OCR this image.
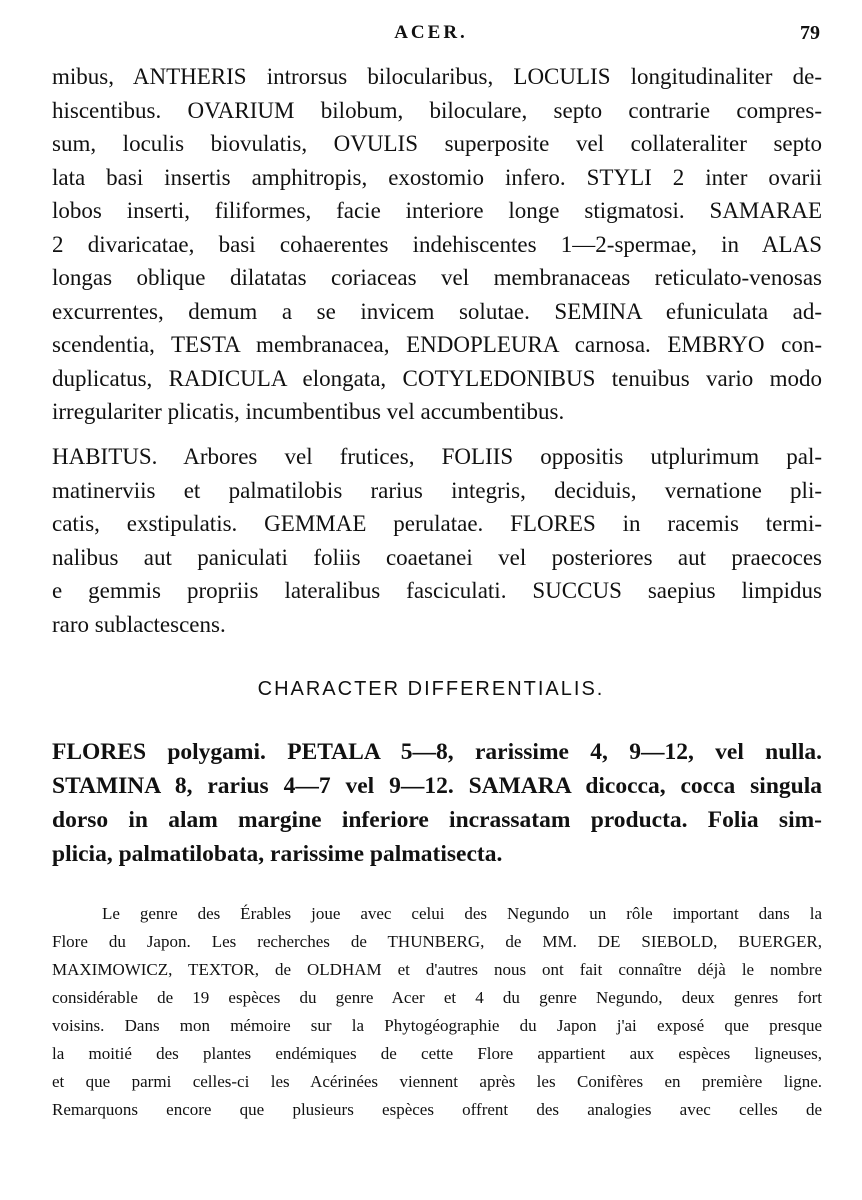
ACER.	79
mibus, ANTHERIS introrsus bilocularibus, LOCULIS longitudinaliter de-
hiscentibus. OVARIUM bilobum, biloculare, septo contrarie compres-
sum, loculis biovulatis, OVULIS superposite vel collateraliter septo
lata basi insertis amphitropis, exostomio infero. STYLI 2 inter ovarii
lobos inserti, filiformes, facie interiore longe stigmatosi. SAMARAE
2 divaricatae, basi cohaerentes indehiscentes 1—2-spermae, in ALAS
longas oblique dilatatas coriaceas vel membranaceas reticulato-venosas
excurrentes, demum a se invicem solutae. SEMINA efuniculata ad-
scendentia, TESTA membranacea, ENDOPLEURA carnosa. EMBRYO con-
duplicatus, RADICULA elongata, COTYLEDONIBUS tenuibus vario modo
irregulariter plicatis, incumbentibus vel accumbentibus.
HABITUS. Arbores vel frutices, FOLIIS oppositis utplurimum pal-
matinerviis et palmatilobis rarius integris, deciduis, vernatione pli-
catis, exstipulatis. GEMMAE perulatae. FLORES in racemis termi-
nalibus aut paniculati foliis coaetanei vel posteriores aut praecoces
e gemmis propriis lateralibus fasciculati. SUCCUS saepius limpidus
raro sublactescens.
CHARACTER DIFFERENTIALIS.
FLORES polygami. PETALA 5—8, rarissime 4, 9—12, vel nulla.
STAMINA 8, rarius 4—7 vel 9—12. SAMARA dicocca, cocca singula
dorso in alam margine inferiore incrassatam producta. Folia sim-
plicia, palmatilobata, rarissime palmatisecta.
Le genre des Érables joue avec celui des Negundo un rôle important dans la
Flore du Japon. Les recherches de THUNBERG, de MM. DE SIEBOLD, BUERGER,
MAXIMOWICZ, TEXTOR, de OLDHAM et d'autres nous ont fait connaître déjà le nombre
considérable de 19 espèces du genre Acer et 4 du genre Negundo, deux genres fort
voisins. Dans mon mémoire sur la Phytogéographie du Japon j'ai exposé que presque
la moitié des plantes endémiques de cette Flore appartient aux espèces ligneuses,
et que parmi celles-ci les Acérinées viennent après les Conifères en première ligne.
Remarquons encore que plusieurs espèces offrent des analogies avec celles de
